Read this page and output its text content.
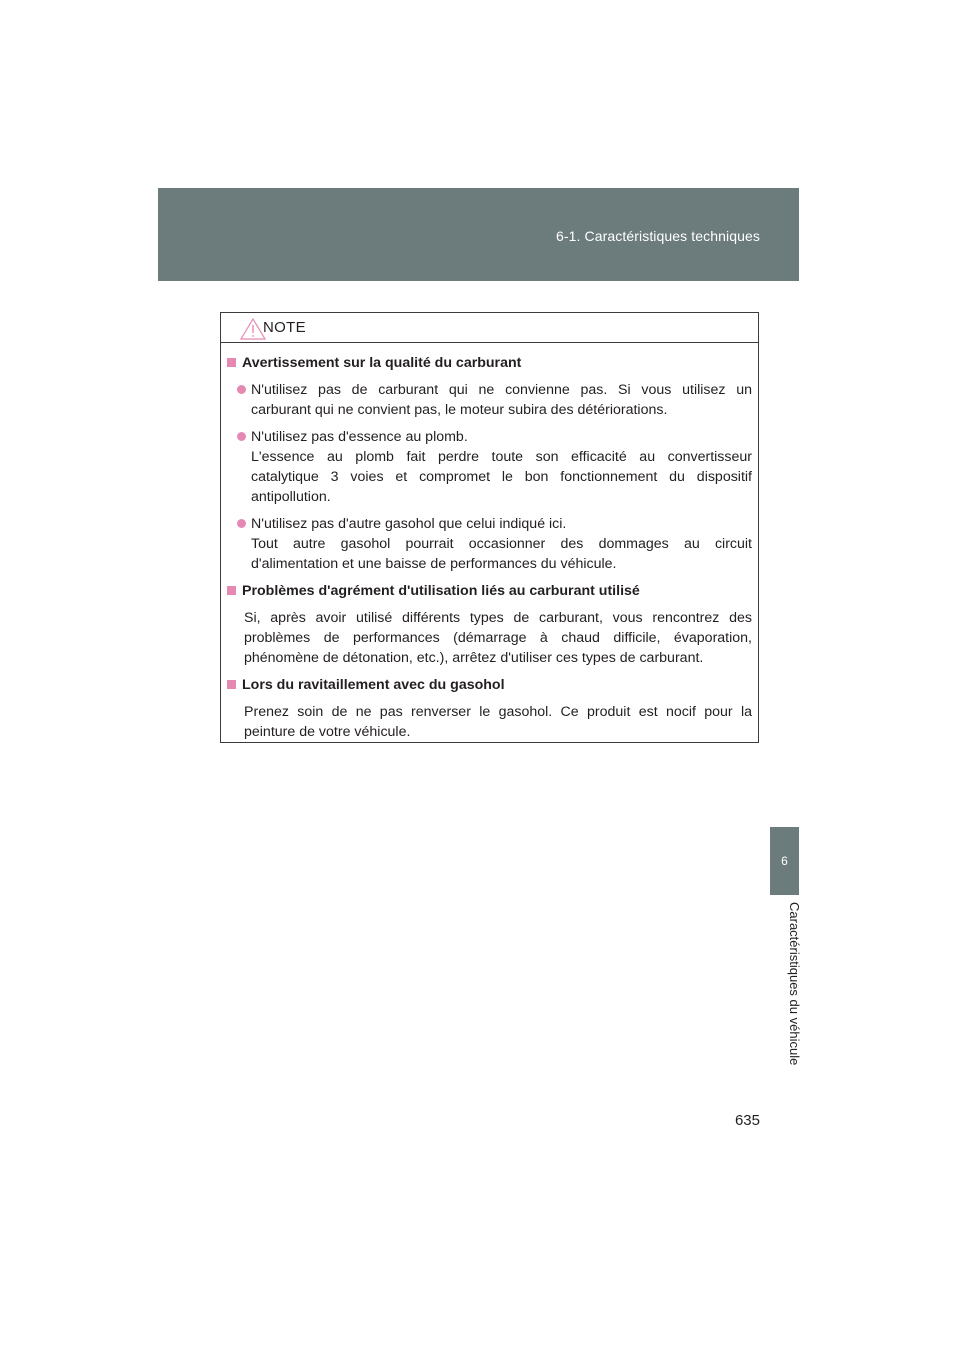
6-1. Caractéristiques techniques
NOTE
Avertissement sur la qualité du carburant
N'utilisez pas de carburant qui ne convienne pas. Si vous utilisez un
carburant qui ne convient pas, le moteur subira des détériorations.
N'utilisez pas d'essence au plomb.
L'essence au plomb fait perdre toute son efficacité au convertisseur
catalytique 3 voies et compromet le bon fonctionnement du dispositif
antipollution.
N'utilisez pas d'autre gasohol que celui indiqué ici.
Tout autre gasohol pourrait occasionner des dommages au circuit
d'alimentation et une baisse de performances du véhicule.
Problèmes d'agrément d'utilisation liés au carburant utilisé
Si, après avoir utilisé différents types de carburant, vous rencontrez des
problèmes de performances (démarrage à chaud difficile, évaporation,
phénomène de détonation, etc.), arrêtez d'utiliser ces types de carburant.
Lors du ravitaillement avec du gasohol
Prenez soin de ne pas renverser le gasohol. Ce produit est nocif pour la
peinture de votre véhicule.
6
Caractéristiques du véhicule
635
